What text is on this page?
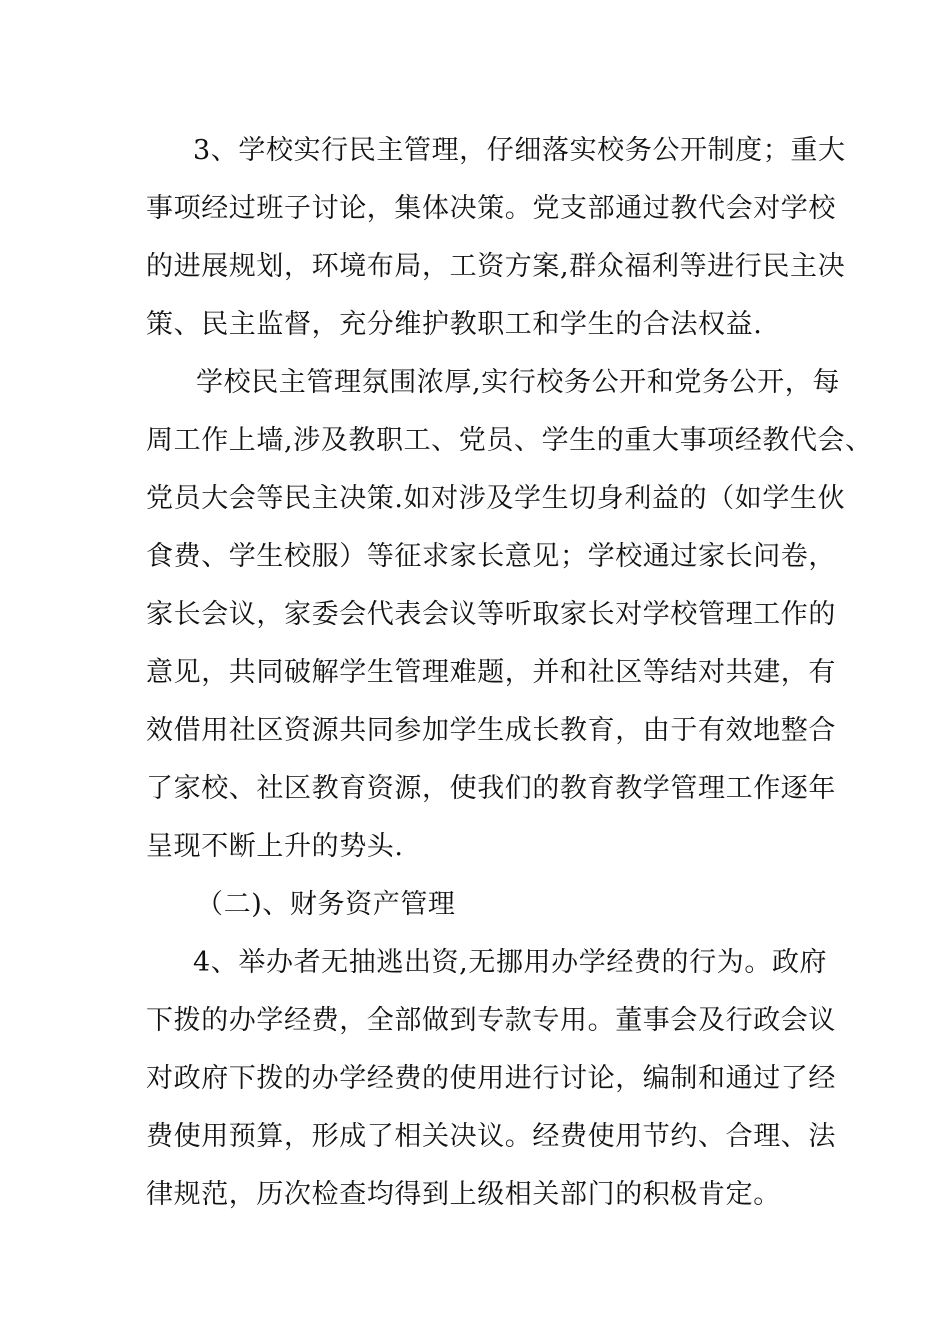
3、学校实行民主管理，仔细落实校务公开制度；重大

事项经过班子讨论，集体决策。党支部通过教代会对学校

的进展规划，环境布局，工资方案,群众福利等进行民主决

策、民主监督，充分维护教职工和学生的合法权益.

学校民主管理氛围浓厚,实行校务公开和党务公开，每

周工作上墙,涉及教职工、党员、学生的重大事项经教代会、

党员大会等民主决策.如对涉及学生切身利益的（如学生伙

食费、学生校服）等征求家长意见；学校通过家长问卷，

家长会议，家委会代表会议等听取家长对学校管理工作的

意见，共同破解学生管理难题，并和社区等结对共建，有

效借用社区资源共同参加学生成长教育，由于有效地整合

了家校、社区教育资源，使我们的教育教学管理工作逐年

呈现不断上升的势头.

（二)、财务资产管理

4、举办者无抽逃出资,无挪用办学经费的行为。政府

下拨的办学经费，全部做到专款专用。董事会及行政会议

对政府下拨的办学经费的使用进行讨论，编制和通过了经

费使用预算，形成了相关决议。经费使用节约、合理、法

律规范，历次检查均得到上级相关部门的积极肯定。
